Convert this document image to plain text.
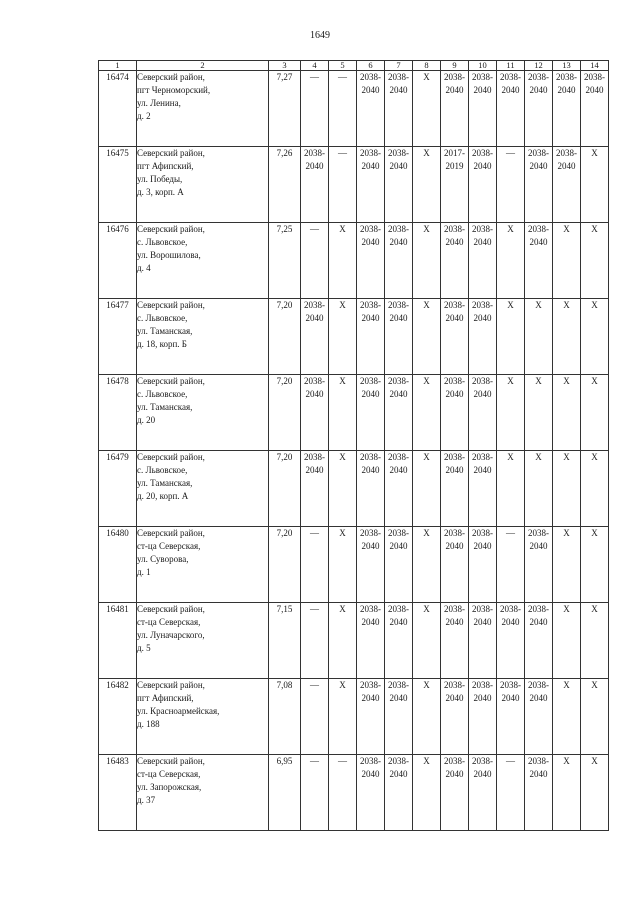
1649
1	2	3	4	5	6	7	8	9	10	11	12	13	14
16474	Северский район,
пгт Черноморский,
ул. Ленина,
д. 2	7,27	—	—	2038-
2040	2038-
2040	Х	2038-
2040	2038-
2040	2038-
2040	2038-
2040	2038-
2040	2038-
2040

16475	Северский район,
пгт Афипский,
ул. Победы,
д. 3, корп. А	7,26	2038-
2040	—	2038-
2040	2038-
2040	Х	2017-
2019	2038-
2040	—	2038-
2040	2038-
2040	Х
16476	Северский район,
с. Львовское,
ул. Ворошилова,
д. 4	7,25	—	Х	2038-
2040	2038-
2040	Х	2038-
2040	2038-
2040	Х	2038-
2040	Х	Х
16477	Северский район,
с. Львовское,
ул. Таманская,
д. 18, корп. Б	7,20	2038-
2040	Х	2038-
2040	2038-
2040	Х	2038-
2040	2038-
2040	Х	Х	Х	Х
16478	Северский район,
с. Львовское,
ул. Таманская,
д. 20	7,20	2038-
2040	Х	2038-
2040	2038-
2040	Х	2038-
2040	2038-
2040	Х	Х	Х	Х
16479	Северский район,
с. Львовское,
ул. Таманская,
д. 20, корп. А	7,20	2038-
2040	Х	2038-
2040	2038-
2040	Х	2038-
2040	2038-
2040	Х	Х	Х	Х
16480	Северский район,
ст-ца Северская,
ул. Суворова,
д. 1	7,20	—	Х	2038-
2040	2038-
2040	Х	2038-
2040	2038-
2040	—	2038-
2040	Х	Х
16481	Северский район,
ст-ца Северская,
ул. Луначарского,
д. 5	7,15	—	Х	2038-
2040	2038-
2040	Х	2038-
2040	2038-
2040	2038-
2040	2038-
2040	Х	Х
16482	Северский район,
пгт Афипский,
ул. Красноармейская,
д. 188	7,08	—	Х	2038-
2040	2038-
2040	Х	2038-
2040	2038-
2040	2038-
2040	2038-
2040	Х	Х
16483	Северский район,
ст-ца Северская,
ул. Запорожская,
д. 37	6,95	—	—	2038-
2040	2038-
2040	Х	2038-
2040	2038-
2040	—	2038-
2040	Х	Х
